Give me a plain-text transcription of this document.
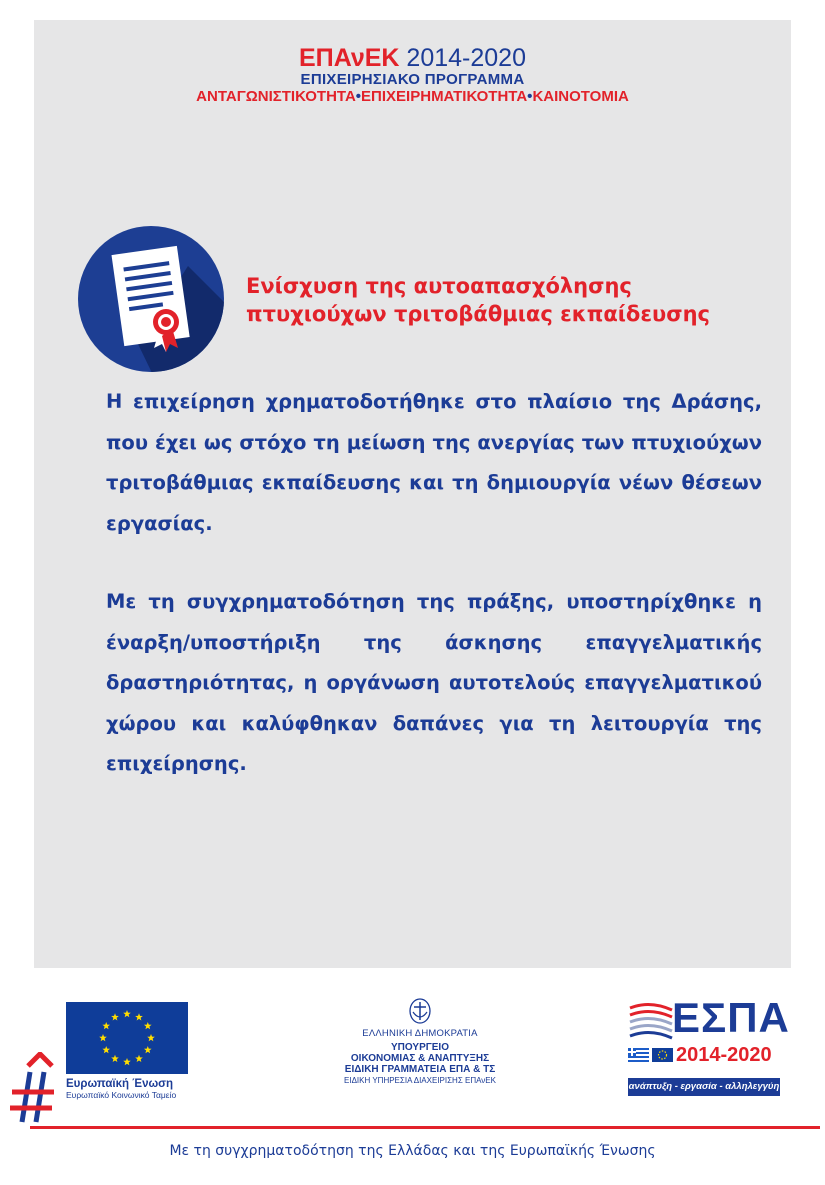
ΕΠΑνΕΚ 2014-2020
ΕΠΙΧΕΙΡΗΣΙΑΚΟ ΠΡΟΓΡΑΜΜΑ
ΑΝΤΑΓΩΝΙΣΤΙΚΟΤΗΤΑ•ΕΠΙΧΕΙΡΗΜΑΤΙΚΟΤΗΤΑ•ΚΑΙΝΟΤΟΜΙΑ
Ενίσχυση της αυτοαπασχόλησης
πτυχιούχων τριτοβάθμιας εκπαίδευσης
Η επιχείρηση χρηματοδοτήθηκε στο πλαίσιο της Δράσης, που έχει ως στόχο τη μείωση της ανεργίας των πτυχιούχων τριτοβάθμιας εκπαίδευσης και τη δημιουργία νέων θέσεων εργασίας.
Με τη συγχρηματοδότηση της πράξης, υποστηρίχθηκε η έναρξη/υποστήριξη της άσκησης επαγγελματικής δραστηριότητας, η οργάνωση αυτοτελούς επαγγελματικού χώρου και καλύφθηκαν δαπάνες για τη λειτουργία της επιχείρησης.
Ευρωπαϊκή Ένωση
Ευρωπαϊκό Κοινωνικό Ταμείο
ΕΛΛΗΝΙΚΗ ΔΗΜΟΚΡΑΤΙΑ
ΥΠΟΥΡΓΕΙΟ
ΟΙΚΟΝΟΜΙΑΣ & ΑΝΑΠΤΥΞΗΣ
ΕΙΔΙΚΗ ΓΡΑΜΜΑΤΕΙΑ ΕΠΑ & ΤΣ
ΕΙΔΙΚΗ ΥΠΗΡΕΣΙΑ ΔΙΑΧΕΙΡΙΣΗΣ ΕΠΑνΕΚ
ΕΣΠΑ
2014-2020
ανάπτυξη - εργασία - αλληλεγγύη
Με τη συγχρηματοδότηση της Ελλάδας και της Ευρωπαϊκής Ένωσης
